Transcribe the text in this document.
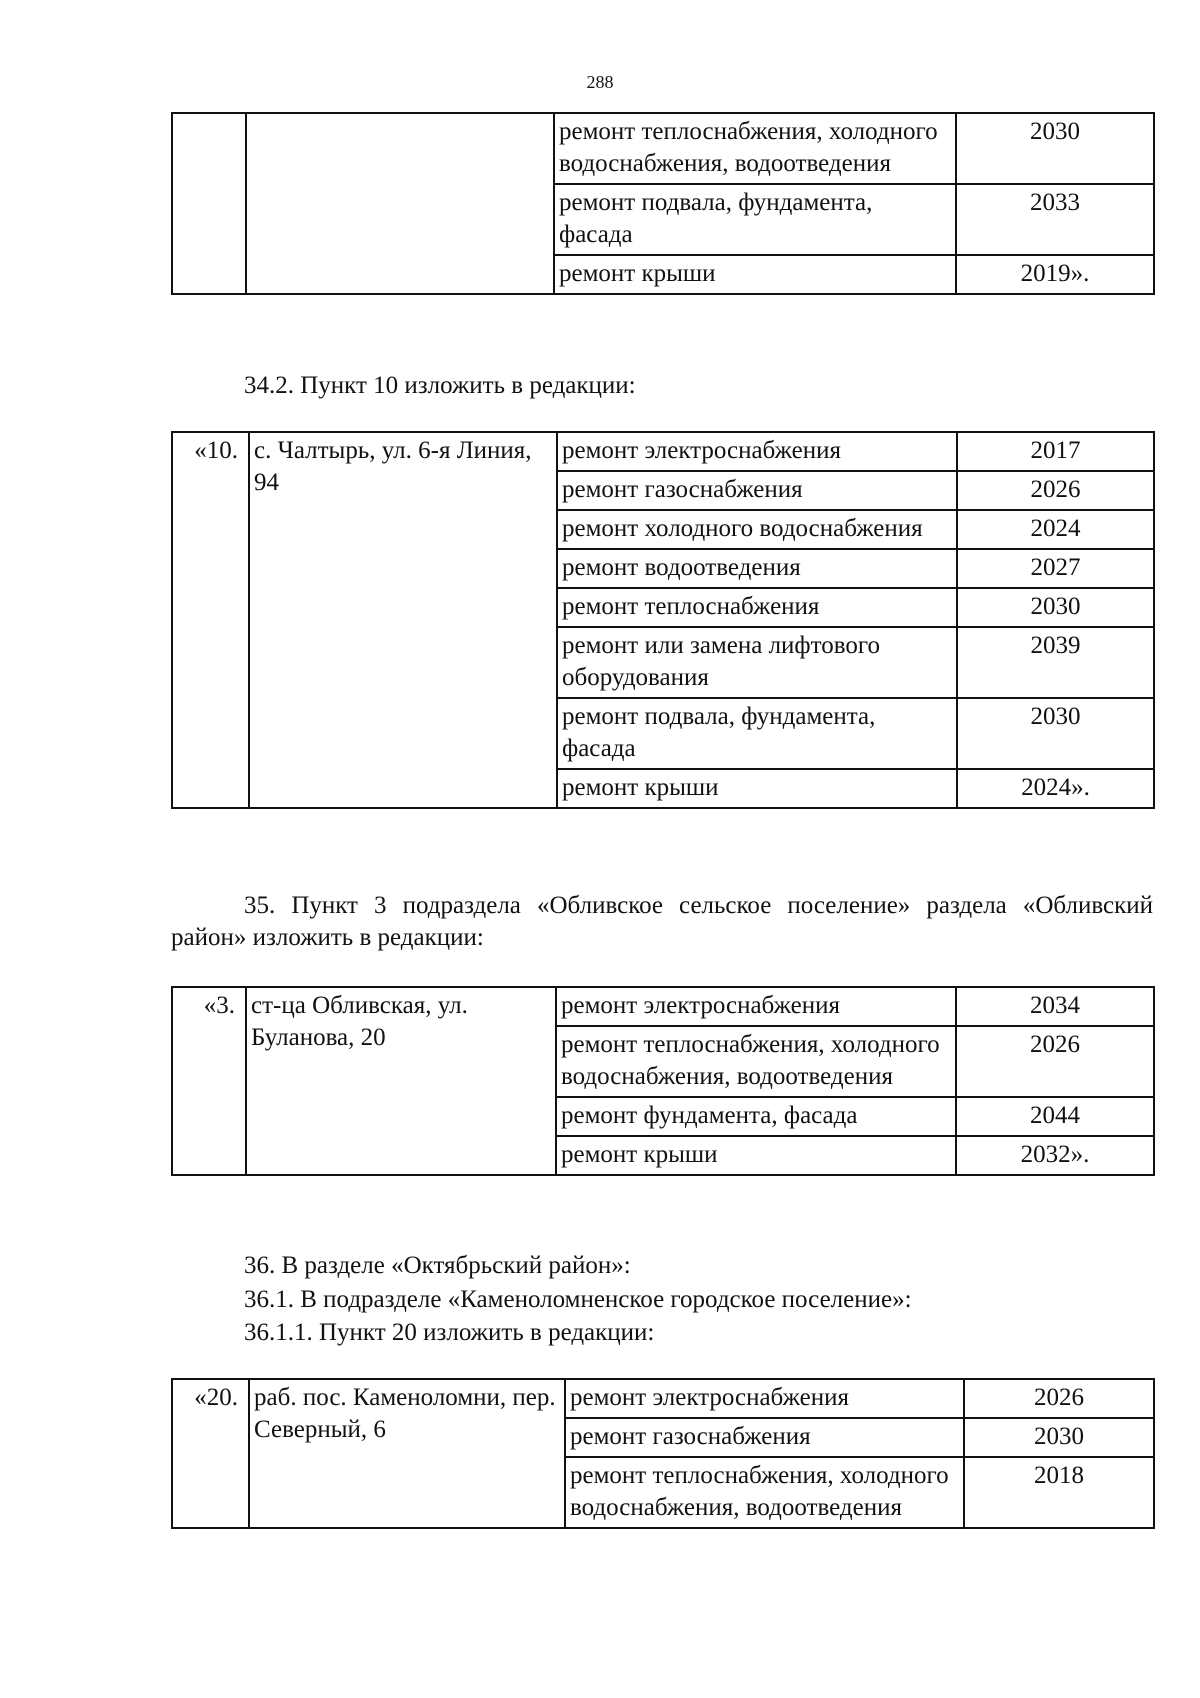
288
		ремонт теплоснабжения, холодного водоснабжения, водоотведения	2030
		ремонт подвала, фундамента, фасада	2033
		ремонт крыши	2019».

34.2. Пункт 10 изложить в редакции:

«10.	с. Чалтырь, ул. 6-я Линия, 94	ремонт электроснабжения	2017
		ремонт газоснабжения	2026
		ремонт холодного водоснабжения	2024
		ремонт водоотведения	2027
		ремонт теплоснабжения	2030
		ремонт или замена лифтового оборудования	2039
		ремонт подвала, фундамента, фасада	2030
		ремонт крыши	2024».

35. Пункт 3 подраздела «Обливское сельское поселение» раздела «Обливский район» изложить в редакции:

«3.	ст-ца Обливская, ул. Буланова, 20	ремонт электроснабжения	2034
		ремонт теплоснабжения, холодного водоснабжения, водоотведения	2026
		ремонт фундамента, фасада	2044
		ремонт крыши	2032».

36. В разделе «Октябрьский район»:

36.1. В подразделе «Каменоломненское городское поселение»:

36.1.1. Пункт 20 изложить в редакции:

«20.	раб. пос. Каменоломни, пер. Северный, 6	ремонт электроснабжения	2026
		ремонт газоснабжения	2030
		ремонт теплоснабжения, холодного водоснабжения, водоотведения	2018
